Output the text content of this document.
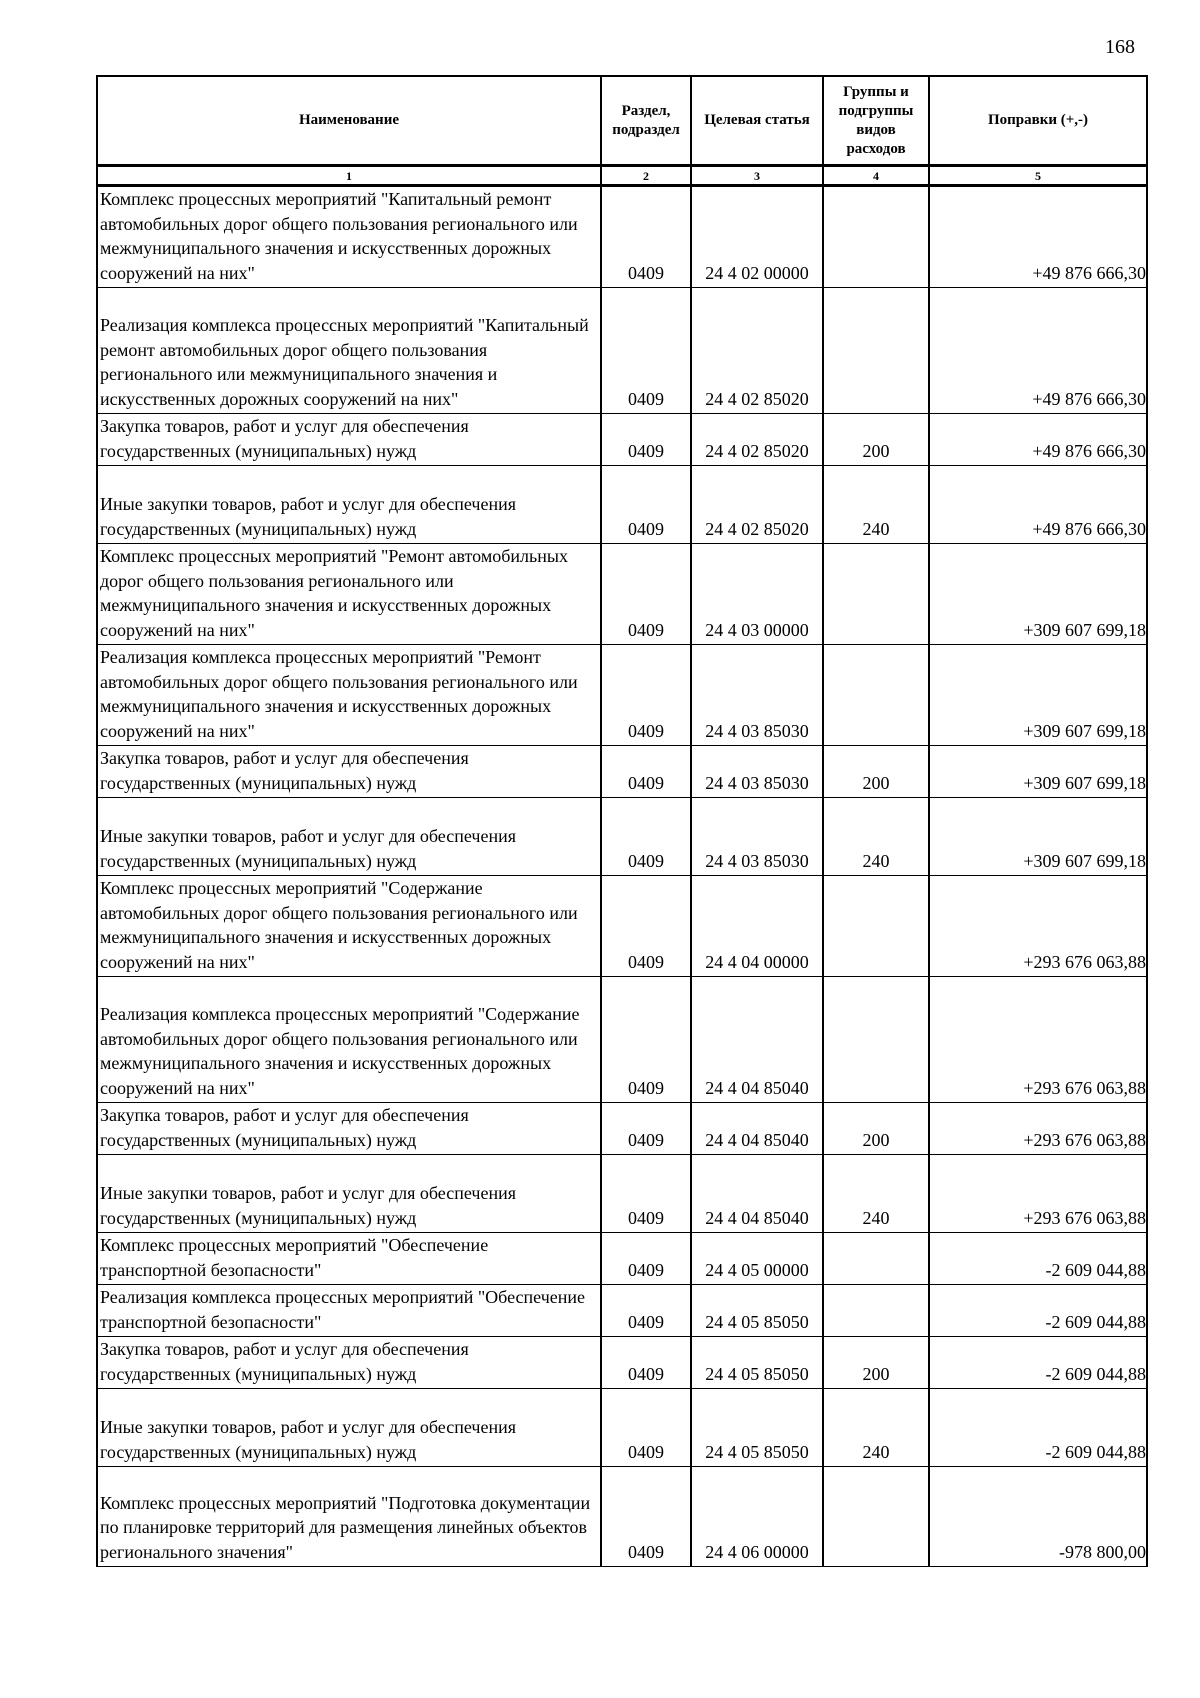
168
Наименование	Раздел, подраздел	Целевая статья	Группы и подгруппы видов расходов	Поправки (+,-)
1	2	3	4	5
Комплекс процессных мероприятий "Капитальный ремонт автомобильных дорог общего пользования регионального или межмуниципального значения и искусственных дорожных сооружений на них"	0409	24 4 02 00000		+49 876 666,30
Реализация комплекса процессных мероприятий "Капитальный ремонт автомобильных дорог общего пользования регионального или межмуниципального значения и искусственных дорожных сооружений на них"	0409	24 4 02 85020		+49 876 666,30
Закупка товаров, работ и услуг для обеспечения государственных (муниципальных) нужд	0409	24 4 02 85020	200	+49 876 666,30
Иные закупки товаров, работ и услуг для обеспечения государственных (муниципальных) нужд	0409	24 4 02 85020	240	+49 876 666,30
Комплекс процессных мероприятий "Ремонт автомобильных дорог общего пользования регионального или межмуниципального значения и искусственных дорожных сооружений на них"	0409	24 4 03 00000		+309 607 699,18
Реализация комплекса процессных мероприятий "Ремонт автомобильных дорог общего пользования регионального или межмуниципального значения и искусственных дорожных сооружений на них"	0409	24 4 03 85030		+309 607 699,18
Закупка товаров, работ и услуг для обеспечения государственных (муниципальных) нужд	0409	24 4 03 85030	200	+309 607 699,18
Иные закупки товаров, работ и услуг для обеспечения государственных (муниципальных) нужд	0409	24 4 03 85030	240	+309 607 699,18
Комплекс процессных мероприятий "Содержание автомобильных дорог общего пользования регионального или межмуниципального значения и искусственных дорожных сооружений на них"	0409	24 4 04 00000		+293 676 063,88
Реализация комплекса процессных мероприятий "Содержание автомобильных дорог общего пользования регионального или межмуниципального значения и искусственных дорожных сооружений на них"	0409	24 4 04 85040		+293 676 063,88
Закупка товаров, работ и услуг для обеспечения государственных (муниципальных) нужд	0409	24 4 04 85040	200	+293 676 063,88
Иные закупки товаров, работ и услуг для обеспечения государственных (муниципальных) нужд	0409	24 4 04 85040	240	+293 676 063,88
Комплекс процессных мероприятий "Обеспечение транспортной безопасности"	0409	24 4 05 00000		-2 609 044,88
Реализация комплекса процессных мероприятий "Обеспечение транспортной безопасности"	0409	24 4 05 85050		-2 609 044,88
Закупка товаров, работ и услуг для обеспечения государственных (муниципальных) нужд	0409	24 4 05 85050	200	-2 609 044,88
Иные закупки товаров, работ и услуг для обеспечения государственных (муниципальных) нужд	0409	24 4 05 85050	240	-2 609 044,88
Комплекс процессных мероприятий "Подготовка документации по планировке территорий для размещения линейных объектов регионального значения"	0409	24 4 06 00000		-978 800,00
